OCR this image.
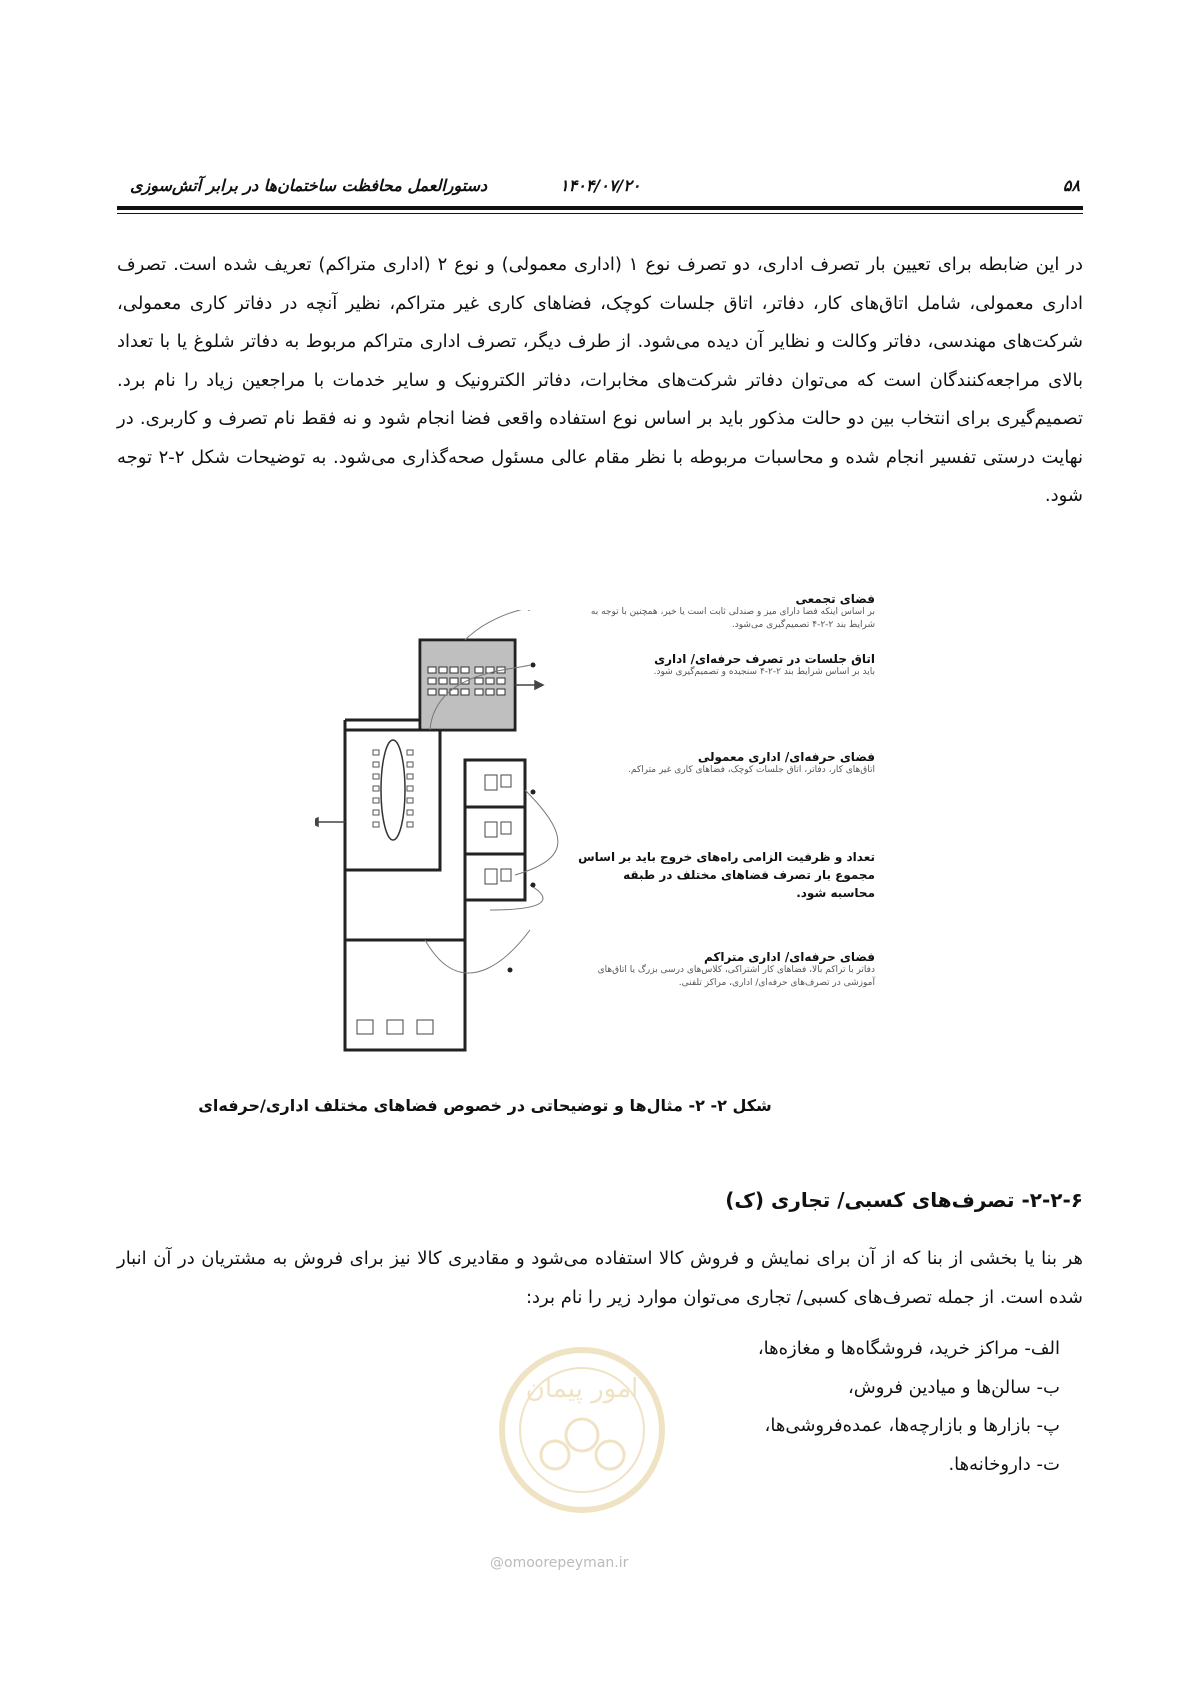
۵۸
۱۴۰۴/۰۷/۲۰
دستورالعمل محافظت ساختمان‌ها در برابر آتش‌سوزی
در این ضابطه برای تعیین بار تصرف اداری، دو تصرف نوع ۱ (اداری معمولی) و نوع ۲ (اداری متراکم) تعریف شده است. تصرف اداری معمولی، شامل اتاق‌های کار، دفاتر، اتاق جلسات کوچک، فضاهای کاری غیر متراکم، نظیر آنچه در دفاتر کاری معمولی، شرکت‌های مهندسی، دفاتر وکالت و نظایر آن دیده می‌شود. از طرف دیگر، تصرف اداری متراکم مربوط به دفاتر شلوغ یا با تعداد بالای مراجعه‌کنندگان است که می‌توان دفاتر شرکت‌های مخابرات، دفاتر الکترونیک و سایر خدمات با مراجعین زیاد را نام برد. تصمیم‌گیری برای انتخاب بین دو حالت مذکور باید بر اساس نوع استفاده واقعی فضا انجام شود و نه فقط نام تصرف و کاربری. در نهایت درستی تفسیر انجام شده و محاسبات مربوطه با نظر مقام عالی مسئول صحه‌گذاری می‌شود. به توضیحات شکل ۲-۲ توجه شود.
فضای تجمعی
بر اساس اینکه فضا دارای میز و صندلی ثابت است یا خیر، همچنین با توجه به شرایط بند ۲-۲-۴ تصمیم‌گیری می‌شود.
اتاق جلسات در تصرف حرفه‌ای/ اداری
باید بر اساس شرایط بند ۲-۲-۴ سنجیده و تصمیم‌گیری شود.
فضای حرفه‌ای/ اداری معمولی
اتاق‌های کار، دفاتر، اتاق جلسات کوچک، فضاهای کاری غیر متراکم.
تعداد و ظرفیت الزامی راه‌های خروج باید بر اساس مجموع بار تصرف فضاهای مختلف در طبقه محاسبه شود.
فضای حرفه‌ای/ اداری متراکم
دفاتر با تراکم بالا، فضاهای کار اشتراکی، کلاس‌های درسی بزرگ یا اتاق‌های آموزشی در تصرف‌های حرفه‌ای/ اداری، مراکز تلفنی.
شکل ۲- ۲- مثال‌ها و توضیحاتی در خصوص فضاهای مختلف اداری/حرفه‌ای
۲-۲-۶- تصرف‌های کسبی/ تجاری (ک)
هر بنا یا بخشی از بنا که از آن برای نمایش و فروش کالا استفاده می‌شود و مقادیری کالا نیز برای فروش به مشتریان در آن انبار شده است. از جمله تصرف‌های کسبی/ تجاری می‌توان موارد زیر را نام برد:
امور پیمان
@omoorepeyman.ir
الف- مراکز خرید، فروشگاه‌ها و مغازه‌ها،
ب- سالن‌ها و میادین فروش،
پ- بازارها و بازارچه‌ها، عمده‌فروشی‌ها،
ت- داروخانه‌ها.
